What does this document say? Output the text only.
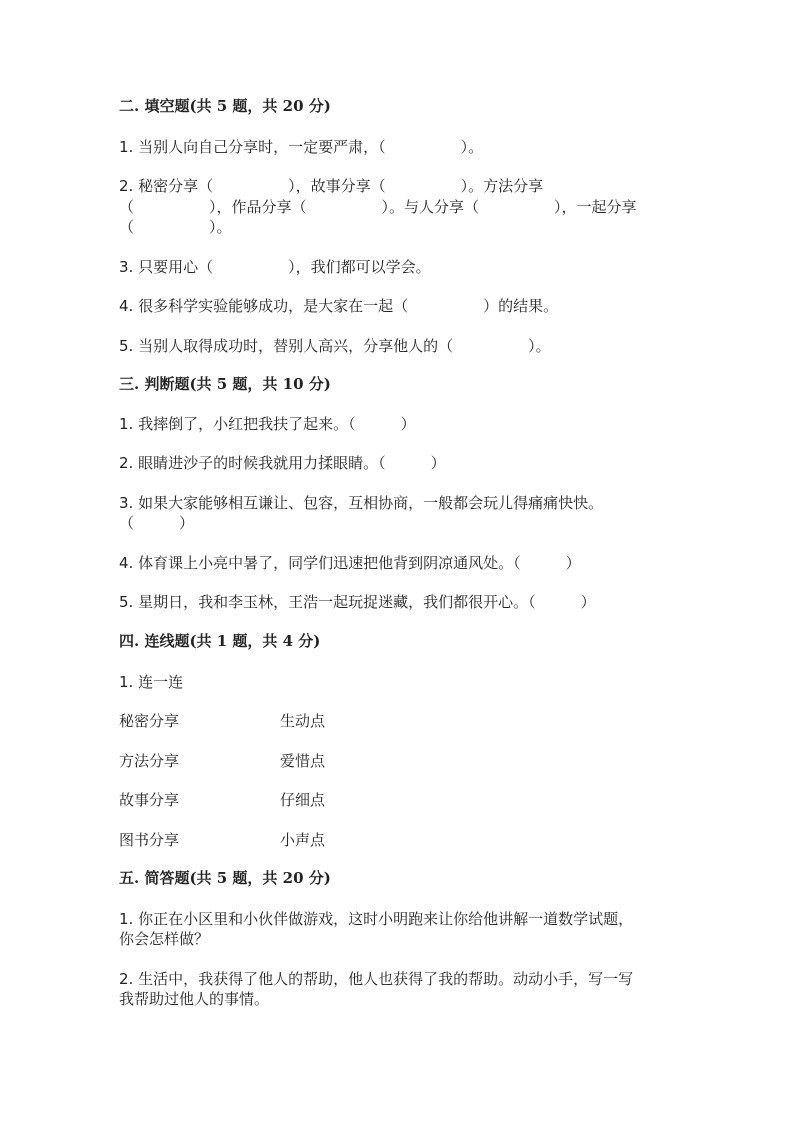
二. 填空题(共 5 题，共 20 分)
1. 当别人向自己分享时，一定要严肃，（　　　　　）。
2. 秘密分享（　　　　　），故事分享（　　　　　）。方法分享
（　　　　　），作品分享（　　　　　）。与人分享（　　　　　），一起分享
（　　　　　）。
3. 只要用心（　　　　　），我们都可以学会。
4. 很多科学实验能够成功，是大家在一起（　　　　　）的结果。
5. 当别人取得成功时，替别人高兴，分享他人的（　　　　　）。
三. 判断题(共 5 题，共 10 分)
1. 我摔倒了，小红把我扶了起来。（　　　）
2. 眼睛进沙子的时候我就用力揉眼睛。（　　　）
3. 如果大家能够相互谦让、包容，互相协商，一般都会玩儿得痛痛快快。
（　　　）
4. 体育课上小亮中暑了，同学们迅速把他背到阴凉通风处。（　　　）
5. 星期日，我和李玉林，王浩一起玩捉迷藏，我们都很开心。（　　　）
四. 连线题(共 1 题，共 4 分)
1. 连一连
秘密分享	生动点
方法分享	爱惜点
故事分享	仔细点
图书分享	小声点
五. 简答题(共 5 题，共 20 分)
1. 你正在小区里和小伙伴做游戏，这时小明跑来让你给他讲解一道数学试题，
你会怎样做？
2. 生活中，我获得了他人的帮助，他人也获得了我的帮助。动动小手，写一写
我帮助过他人的事情。
